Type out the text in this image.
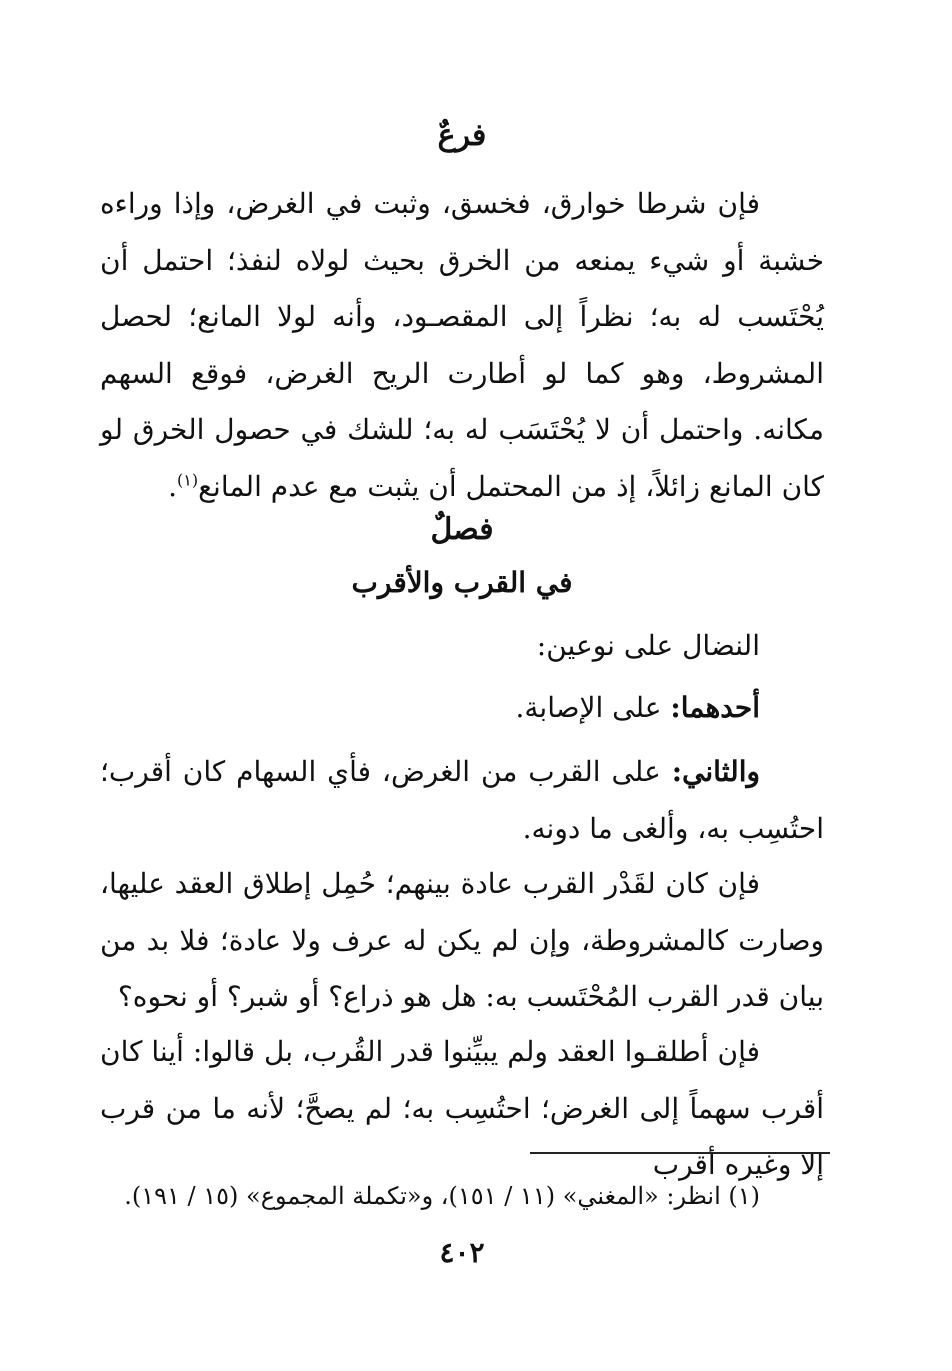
فرعٌ

فإن شرطا خوارق، فخسق، وثبت في الغرض، وإذا وراءه خشبة أو شيء يمنعه من الخرق بحيث لولاه لنفذ؛ احتمل أن يُحْتَسب له به؛ نظراً إلى المقصـود، وأنه لولا المانع؛ لحصل المشروط، وهو كما لو أطارت الريح الغرض، فوقع السهم مكانه. واحتمل أن لا يُحْتَسَب له به؛ للشك في حصول الخرق لو كان المانع زائلاً، إذ من المحتمل أن يثبت مع عدم المانع$^{(١)}$.

فصلٌ
في القرب والأقرب

النضال على نوعين:

أحدهما: على الإصابة.

والثاني: على القرب من الغرض، فأي السهام كان أقرب؛ احتُسِب به، وألغى ما دونه.

فإن كان لقَدْر القرب عادة بينهم؛ حُمِل إطلاق العقد عليها، وصارت كالمشروطة، وإن لم يكن له عرف ولا عادة؛ فلا بد من بيان قدر القرب المُحْتَسب به: هل هو ذراع؟ أو شبر؟ أو نحوه؟

فإن أطلقـوا العقد ولم يبيِّنوا قدر القُرب، بل قالوا: أينا كان أقرب سهماً إلى الغرض؛ احتُسِب به؛ لم يصحَّ؛ لأنه ما من قرب إلا وغيره أقرب

(١) انظر: «المغني» (١١ / ١٥١)، و«تكملة المجموع» (١٥ / ١٩١).

٤٠٢
